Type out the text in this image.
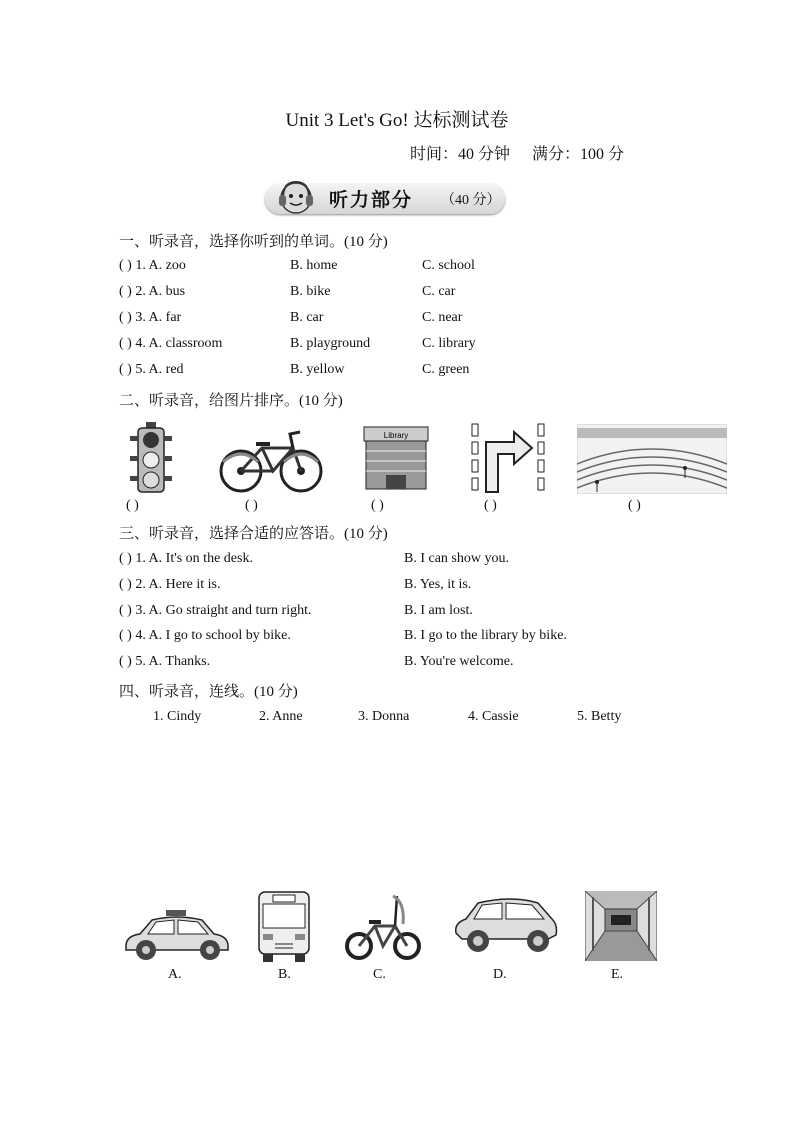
Unit 3 Let's Go! 达标测试卷
时间：40 分钟 满分：100 分
听力部分 （40 分）
一、听录音，选择你听到的单词。(10 分)
( ) 1. A. zoo	B. home	C. school
( ) 2. A. bus	B. bike	C. car
( ) 3. A. far	B. car	C. near
( ) 4. A. classroom	B. playground	C. library
( ) 5. A. red	B. yellow	C. green
二、听录音，给图片排序。(10 分)
Library
( )	( )	( )	( )	( )
三、听录音，选择合适的应答语。(10 分)
( ) 1. A. It's on the desk.	B. I can show you.
( ) 2. A. Here it is.	B. Yes, it is.
( ) 3. A. Go straight and turn right.	B. I am lost.
( ) 4. A. I go to school by bike.	B. I go to the library by bike.
( ) 5. A. Thanks.	B. You're welcome.
四、听录音，连线。(10 分)
1. Cindy	2. Anne	3. Donna	4. Cassie	5. Betty
A.	B.	C.	D.	E.
